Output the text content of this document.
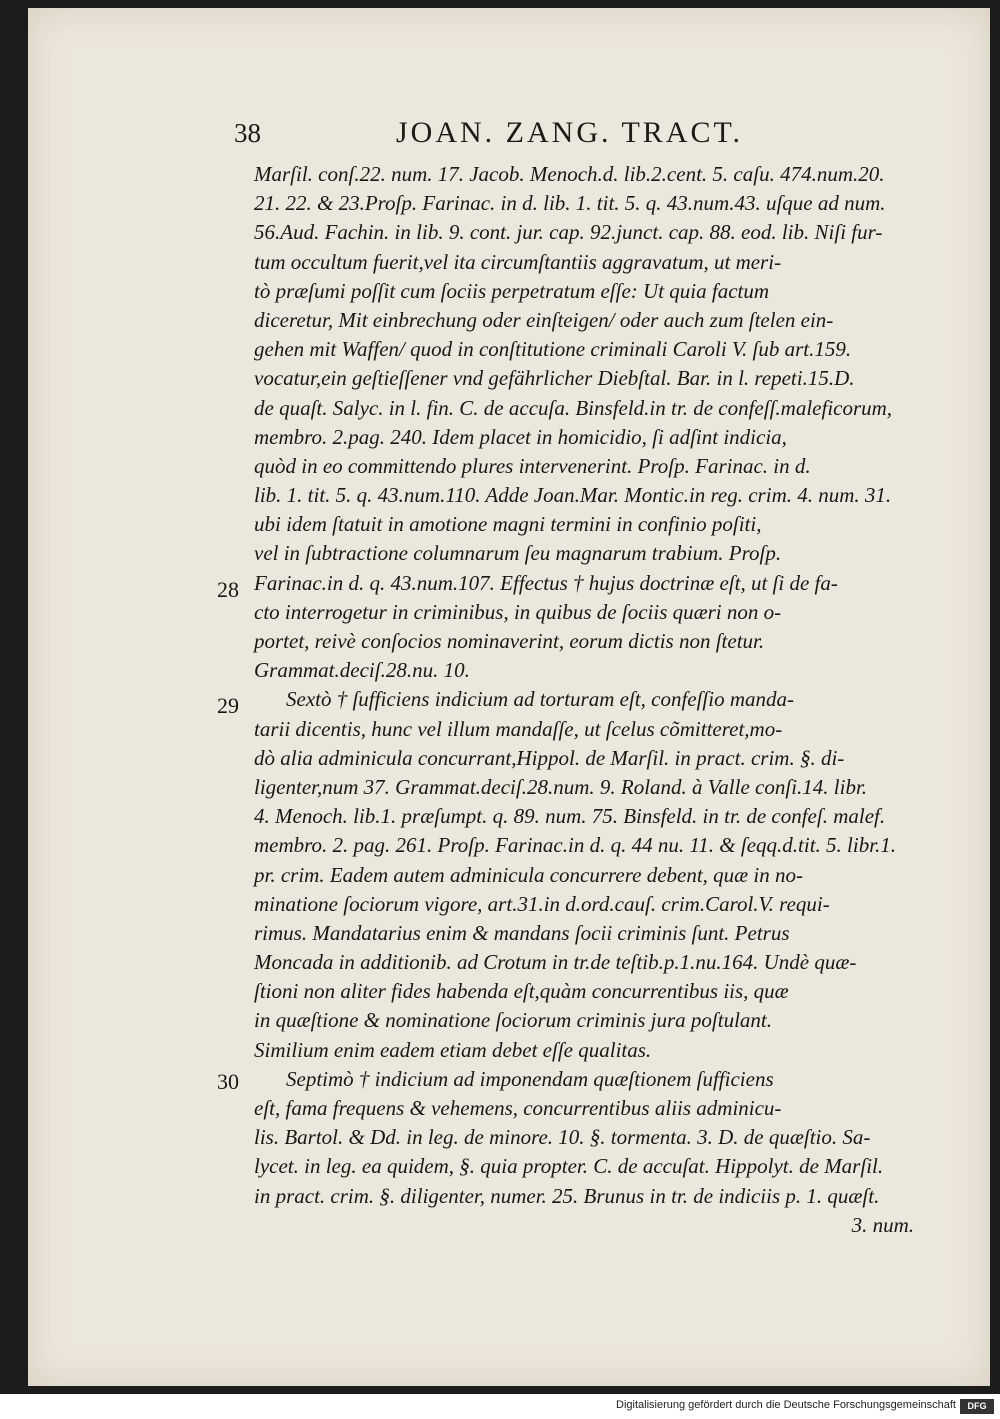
38	JOAN. ZANG. TRACT.
28
29
30
Marſil. conſ.22. num. 17. Jacob. Menoch.d. lib.2.cent. 5. caſu. 474.num.20.
21. 22. & 23.Proſp. Farinac. in d. lib. 1. tit. 5. q. 43.num.43. uſque ad num.
56.Aud. Fachin. in lib. 9. cont. jur. cap. 92.junct. cap. 88. eod. lib. Niſi fur-
tum occultum fuerit,vel ita circumſtantiis aggravatum, ut meri-
tò præſumi poſſit cum ſociis perpetratum eſſe: Ut quia factum
diceretur, Mit einbrechung oder einſteigen/ oder auch zum ſtelen ein-
gehen mit Waffen/ quod in conſtitutione criminali Caroli V. ſub art.159.
vocatur,ein geſtieſſener vnd gefährlicher Diebſtal. Bar. in l. repeti.15.D.
de quaſt. Salyc. in l. fin. C. de accuſa. Binsfeld.in tr. de confeſſ.maleficorum,
membro. 2.pag. 240. Idem placet in homicidio, ſi adſint indicia,
quòd in eo committendo plures intervenerint. Proſp. Farinac. in d.
lib. 1. tit. 5. q. 43.num.110. Adde Joan.Mar. Montic.in reg. crim. 4. num. 31.
ubi idem ſtatuit in amotione magni termini in confinio poſiti,
vel in ſubtractione columnarum ſeu magnarum trabium. Proſp.
Farinac.in d. q. 43.num.107. Effectus † hujus doctrinæ eſt, ut ſi de fa-
cto interrogetur in criminibus, in quibus de ſociis quæri non o-
portet, reivè conſocios nominaverint, eorum dictis non ſtetur.
Grammat.deciſ.28.nu. 10.
Sextò † ſufficiens indicium ad torturam eſt, confeſſio manda-
tarii dicentis, hunc vel illum mandaſſe, ut ſcelus cõmitteret,mo-
dò alia adminicula concurrant,Hippol. de Marſil. in pract. crim. §. di-
ligenter,num 37. Grammat.deciſ.28.num. 9. Roland. à Valle conſi.14. libr.
4. Menoch. lib.1. præſumpt. q. 89. num. 75. Binsfeld. in tr. de confeſ. malef.
membro. 2. pag. 261. Proſp. Farinac.in d. q. 44 nu. 11. & ſeqq.d.tit. 5. libr.1.
pr. crim. Eadem autem adminicula concurrere debent, quæ in no-
minatione ſociorum vigore, art.31.in d.ord.cauſ. crim.Carol.V. requi-
rimus. Mandatarius enim & mandans ſocii criminis ſunt. Petrus
Moncada in additionib. ad Crotum in tr.de teſtib.p.1.nu.164. Undè quæ-
ſtioni non aliter fides habenda eſt,quàm concurrentibus iis, quæ
in quæſtione & nominatione ſociorum criminis jura poſtulant.
Similium enim eadem etiam debet eſſe qualitas.
Septimò † indicium ad imponendam quæſtionem ſufficiens
eſt, fama frequens & vehemens, concurrentibus aliis adminicu-
lis. Bartol. & Dd. in leg. de minore. 10. §. tormenta. 3. D. de quæſtio. Sa-
lycet. in leg. ea quidem, §. quia propter. C. de accuſat. Hippolyt. de Marſil.
in pract. crim. §. diligenter, numer. 25. Brunus in tr. de indiciis p. 1. quæſt.
3. num.
Digitalisierung gefördert durch die Deutsche Forschungsgemeinschaft	DFG
